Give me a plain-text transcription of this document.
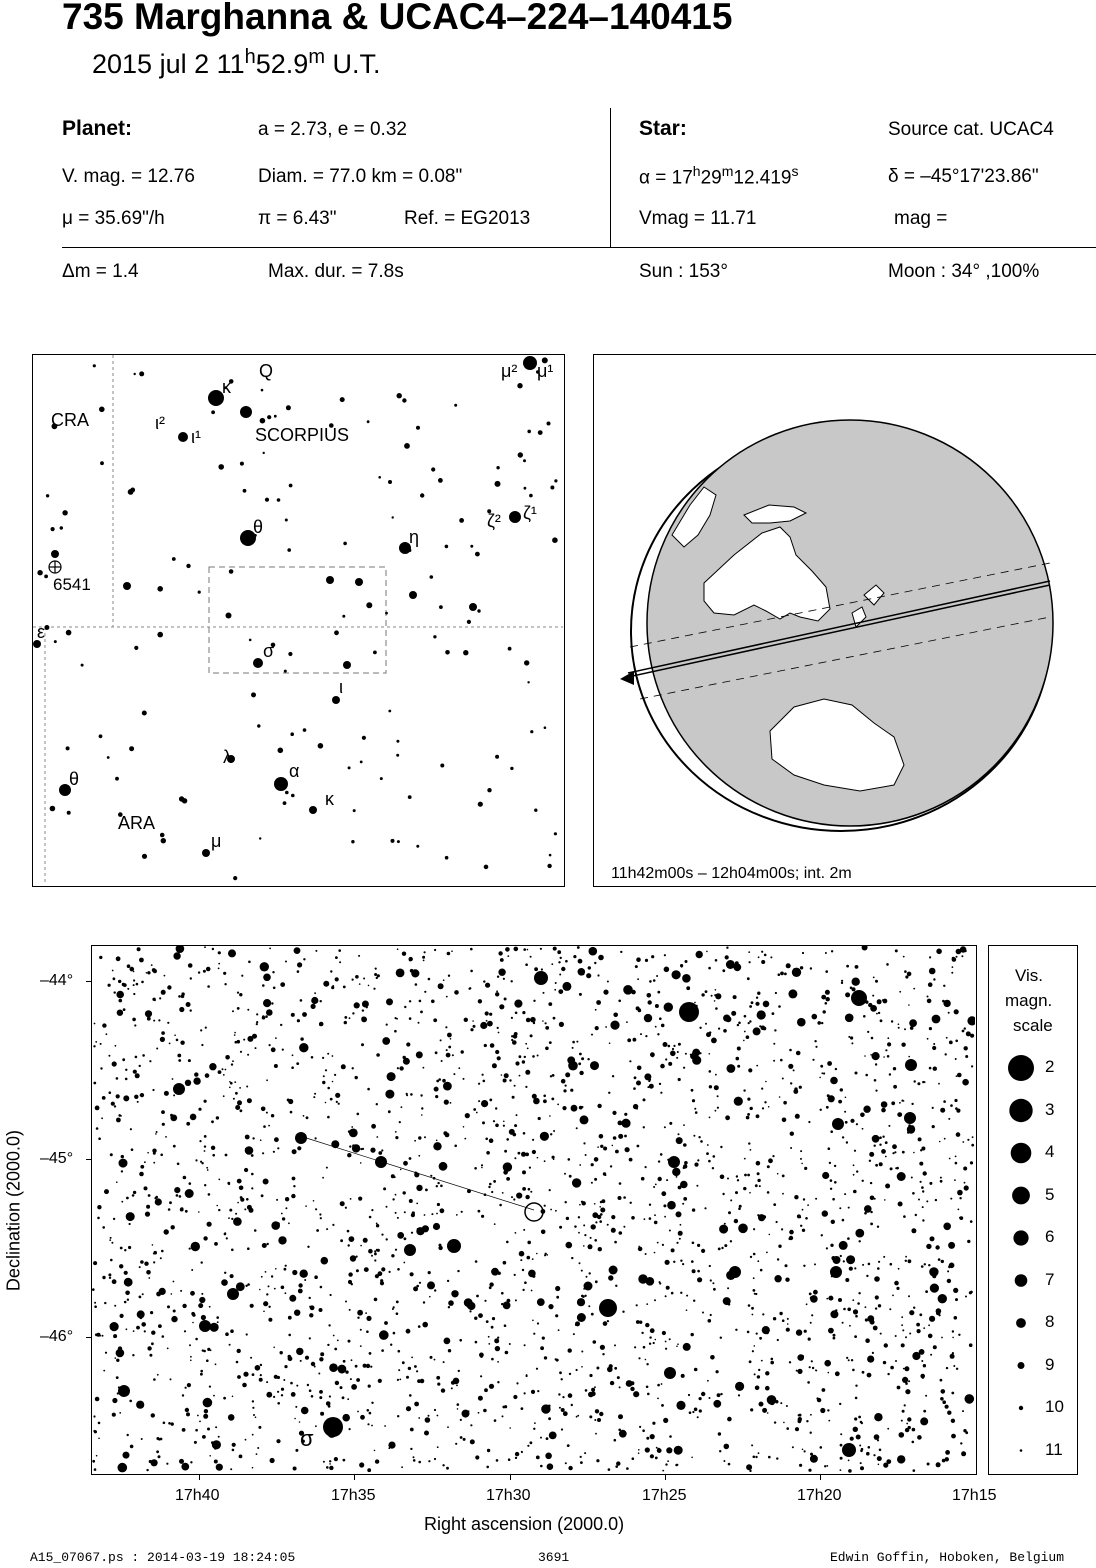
735 Marghanna & UCAC4–224–140415
2015 jul 2 11$^h$52.9$^m$ U.T.
Planet:	a = 2.73, e = 0.32
V. mag. = 12.76	Diam. = 77.0 km = 0.08"
μ = 35.69"/h	π = 6.43"	Ref. = EG2013
Star:	Source cat. UCAC4
$\alpha = 17^h29^m12.419^s$	δ = –45°17'23.86"
Vmag = 11.71	mag =
Δm = 1.4	Max. dur. = 7.8s	Sun : 153°	Moon : 34° ,100%
κ
ι²
ι¹
θ	η
μ² μ¹
ζ² ζ¹
σ
ι
ε
λ
α
κ
θ
μ
CRA
SCORPIUS
ARA
6541
Q
11h42m00s – 12h04m00s; int. 2m
σ
–44°
–45°
–46°
17h40	17h35	17h30	17h25	17h20	17h15
Right ascension (2000.0)
Declination (2000.0)
Vis.
magn.
scale
2
3
4
5
6
7
8
9
10
11
A15_07067.ps : 2014-03-19 18:24:05	3691	Edwin Goffin, Hoboken, Belgium
